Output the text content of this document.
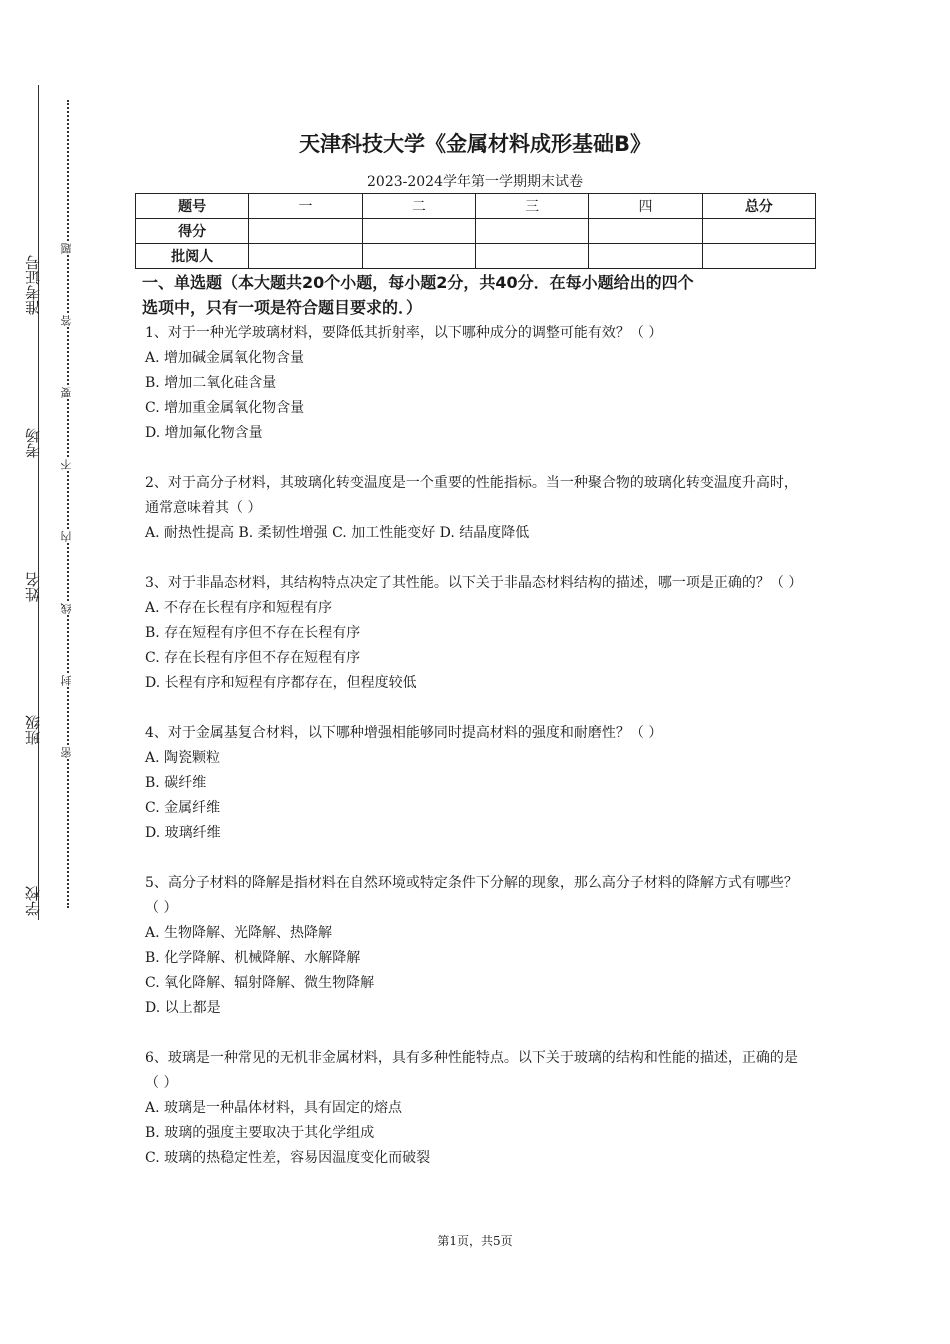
准考证号
考场
姓名
班级
学校
题
答
要
不
内
线
封
密
天津科技大学《金属材料成形基础B》
2023-2024学年第一学期期末试卷
题号	一	二	三	四	总分
得分					
批阅人					
一、单选题（本大题共20个小题，每小题2分，共40分．在每小题给出的四个
选项中，只有一项是符合题目要求的．）
1、对于一种光学玻璃材料，要降低其折射率，以下哪种成分的调整可能有效？（ ）
A. 增加碱金属氧化物含量
B. 增加二氧化硅含量
C. 增加重金属氧化物含量
D. 增加氟化物含量
2、对于高分子材料，其玻璃化转变温度是一个重要的性能指标。当一种聚合物的玻璃化转变温度升高时，通常意味着其（ ）
A. 耐热性提高 B. 柔韧性增强 C. 加工性能变好 D. 结晶度降低
3、对于非晶态材料，其结构特点决定了其性能。以下关于非晶态材料结构的描述，哪一项是正确的？（ ）
A. 不存在长程有序和短程有序
B. 存在短程有序但不存在长程有序
C. 存在长程有序但不存在短程有序
D. 长程有序和短程有序都存在，但程度较低
4、对于金属基复合材料，以下哪种增强相能够同时提高材料的强度和耐磨性？（ ）
A. 陶瓷颗粒
B. 碳纤维
C. 金属纤维
D. 玻璃纤维
5、高分子材料的降解是指材料在自然环境或特定条件下分解的现象，那么高分子材料的降解方式有哪些？（ ）
A. 生物降解、光降解、热降解
B. 化学降解、机械降解、水解降解
C. 氧化降解、辐射降解、微生物降解
D. 以上都是
6、玻璃是一种常见的无机非金属材料，具有多种性能特点。以下关于玻璃的结构和性能的描述，正确的是（ ）
A. 玻璃是一种晶体材料，具有固定的熔点
B. 玻璃的强度主要取决于其化学组成
C. 玻璃的热稳定性差，容易因温度变化而破裂
第1页，共5页
